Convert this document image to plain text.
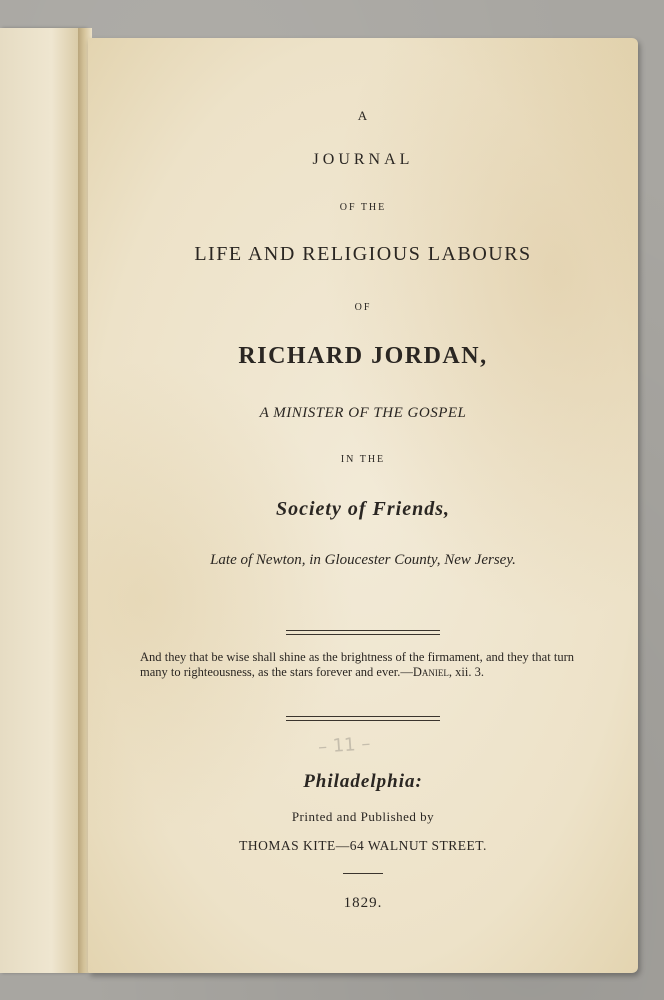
A
JOURNAL
OF THE
LIFE AND RELIGIOUS LABOURS
OF
RICHARD JORDAN,
A MINISTER OF THE GOSPEL
IN THE
Society of Friends,
Late of Newton, in Gloucester County, New Jersey.
And they that be wise shall shine as the brightness of the firmament, and they that turn many to righteousness, as the stars forever and ever.—Daniel, xii. 3.
– 11 –
Philadelphia:
Printed and Published by
THOMAS KITE—64 WALNUT STREET.
1829.
